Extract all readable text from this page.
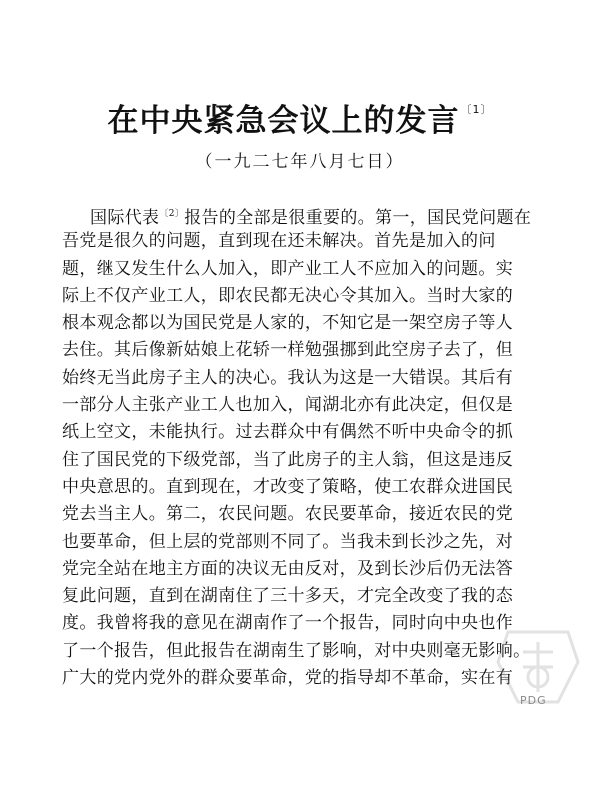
在中央紧急会议上的发言$^{〔1〕}$
（一九二七年八月七日）
国际代表$^{〔2〕}$报告的全部是很重要的。第一，国民党问题在
吾党是很久的问题，直到现在还未解决。首先是加入的问
题，继又发生什么人加入，即产业工人不应加入的问题。实
际上不仅产业工人，即农民都无决心令其加入。当时大家的
根本观念都以为国民党是人家的，不知它是一架空房子等人
去住。其后像新姑娘上花轿一样勉强挪到此空房子去了，但
始终无当此房子主人的决心。我认为这是一大错误。其后有
一部分人主张产业工人也加入，闻湖北亦有此决定，但仅是
纸上空文，未能执行。过去群众中有偶然不听中央命令的抓
住了国民党的下级党部，当了此房子的主人翁，但这是违反
中央意思的。直到现在，才改变了策略，使工农群众进国民
党去当主人。第二，农民问题。农民要革命，接近农民的党
也要革命，但上层的党部则不同了。当我未到长沙之先，对
党完全站在地主方面的决议无由反对，及到长沙后仍无法答
复此问题，直到在湖南住了三十多天，才完全改变了我的态
度。我曾将我的意见在湖南作了一个报告，同时向中央也作
了一个报告，但此报告在湖南生了影响，对中央则毫无影响。
广大的党内党外的群众要革命，党的指导却不革命，实在有
PDG
